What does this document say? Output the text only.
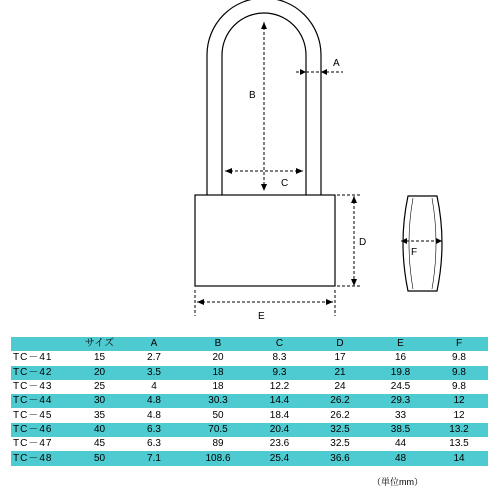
A
B
C
D
E
F
	サイズ	A	B	C	D	E	F
TC－41	15	2.7	20	8.3	17	16	9.8
TC－42	20	3.5	18	9.3	21	19.8	9.8
TC－43	25	4	18	12.2	24	24.5	9.8
TC－44	30	4.8	30.3	14.4	26.2	29.3	12
TC－45	35	4.8	50	18.4	26.2	33	12
TC－46	40	6.3	70.5	20.4	32.5	38.5	13.2
TC－47	45	6.3	89	23.6	32.5	44	13.5
TC－48	50	7.1	108.6	25.4	36.6	48	14
（単位mm）
